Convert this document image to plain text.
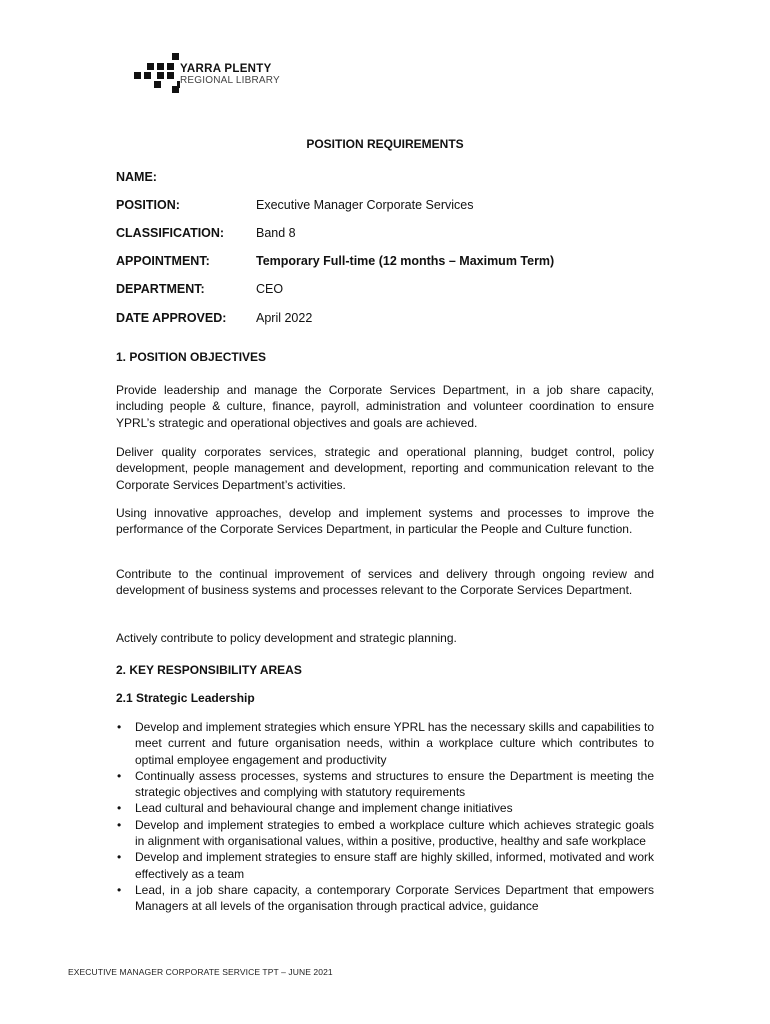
YARRA PLENTY
REGIONAL LIBRARY
POSITION REQUIREMENTS
NAME:
POSITION:	Executive Manager Corporate Services
CLASSIFICATION:	Band 8
APPOINTMENT:	Temporary Full-time (12 months – Maximum Term)
DEPARTMENT:	CEO
DATE APPROVED: April 2022
1. POSITION OBJECTIVES
Provide leadership and manage the Corporate Services Department, in a job share capacity, including people & culture, finance, payroll, administration and volunteer coordination to ensure YPRL’s strategic and operational objectives and goals are achieved.
Deliver quality corporates services, strategic and operational planning, budget control, policy development, people management and development, reporting and communication relevant to the Corporate Services Department’s activities.
Using innovative approaches, develop and implement systems and processes to improve the performance of the Corporate Services Department, in particular the People and Culture function.
Contribute to the continual improvement of services and delivery through ongoing review and development of business systems and processes relevant to the Corporate Services Department.
Actively contribute to policy development and strategic planning.
2. KEY RESPONSIBILITY AREAS
2.1 Strategic Leadership
• Develop and implement strategies which ensure YPRL has the necessary skills and capabilities to meet current and future organisation needs, within a workplace culture which contributes to optimal employee engagement and productivity
• Continually assess processes, systems and structures to ensure the Department is meeting the strategic objectives and complying with statutory requirements
• Lead cultural and behavioural change and implement change initiatives
• Develop and implement strategies to embed a workplace culture which achieves strategic goals in alignment with organisational values, within a positive, productive, healthy and safe workplace
• Develop and implement strategies to ensure staff are highly skilled, informed, motivated and work effectively as a team
• Lead, in a job share capacity, a contemporary Corporate Services Department that empowers Managers at all levels of the organisation through practical advice, guidance
EXECUTIVE MANAGER CORPORATE SERVICE TPT – JUNE 2021
